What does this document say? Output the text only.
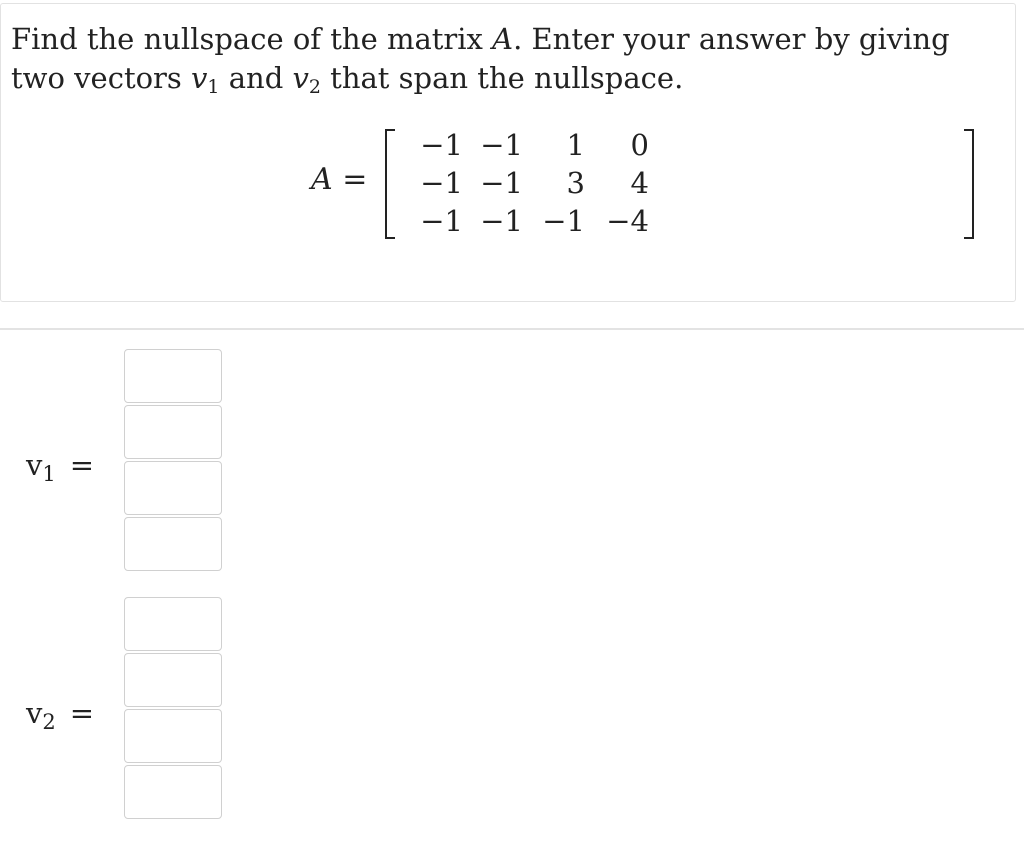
Find the nullspace of the matrix A. Enter your answer by giving two vectors $v_1$ and $v_2$ that span the nullspace.
A =
−1 −1	1	0
−1 −1	3	4
−1 −1 −1 −4
$v_1$ =
$v_2$ =
